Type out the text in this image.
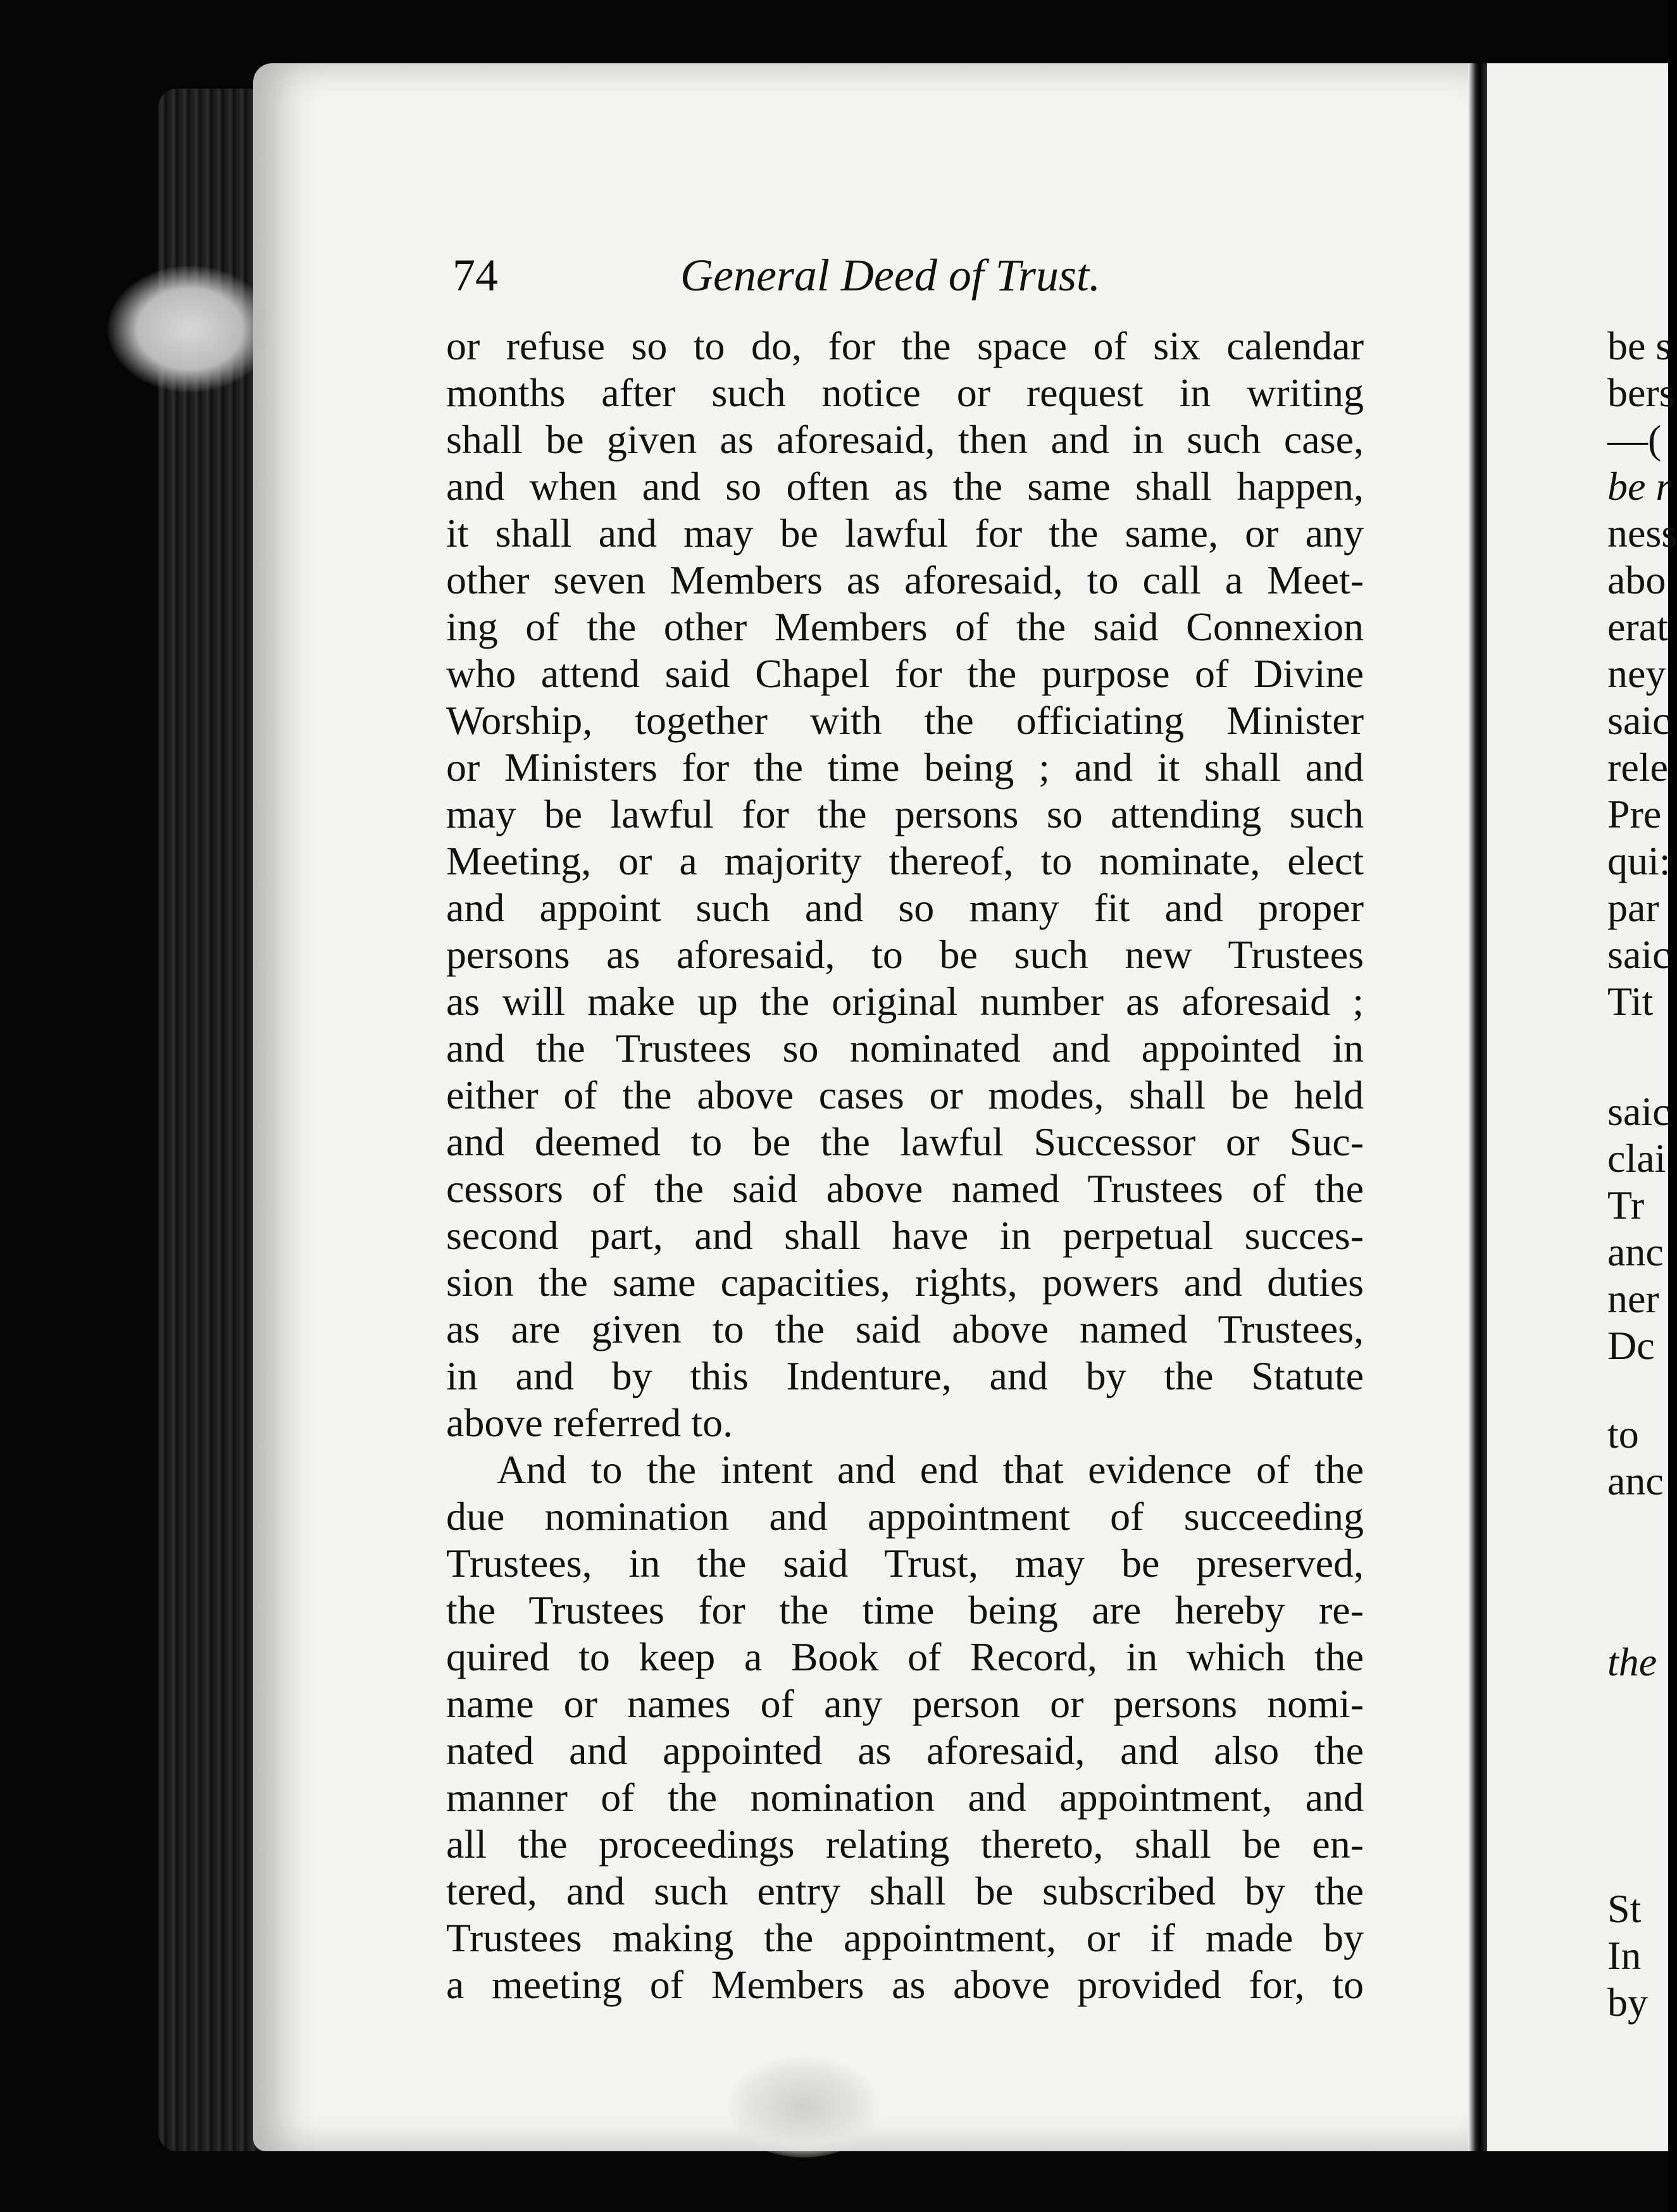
74	General Deed of Trust.
or refuse so to do, for the space of six calendar
months after such notice or request in writing
shall be given as aforesaid, then and in such case,
and when and so often as the same shall happen,
it shall and may be lawful for the same, or any
other seven Members as aforesaid, to call a Meet-
ing of the other Members of the said Connexion
who attend said Chapel for the purpose of Divine
Worship, together with the officiating Minister
or Ministers for the time being ; and it shall and
may be lawful for the persons so attending such
Meeting, or a majority thereof, to nominate, elect
and appoint such and so many fit and proper
persons as aforesaid, to be such new Trustees
as will make up the original number as aforesaid ;
and the Trustees so nominated and appointed in
either of the above cases or modes, shall be held
and deemed to be the lawful Successor or Suc-
cessors of the said above named Trustees of the
second part, and shall have in perpetual succes-
sion the same capacities, rights, powers and duties
as are given to the said above named Trustees,
in and by this Indenture, and by the Statute
above referred to.
And to the intent and end that evidence of the
due nomination and appointment of succeeding
Trustees, in the said Trust, may be preserved,
the Trustees for the time being are hereby re-
quired to keep a Book of Record, in which the
name or names of any person or persons nomi-
nated and appointed as aforesaid, and also the
manner of the nomination and appointment, and
all the proceedings relating thereto, shall be en-
tered, and such entry shall be subscribed by the
Trustees making the appointment, or if made by
a meeting of Members as above provided for, to
be s
bers
—(
be r
ness
abo
erat
ney
saic
rele
Pre
qui:
par
saic
Tit
saic
clai
Tr
anc
ner
Dc
to
anc
the
St
In
by
